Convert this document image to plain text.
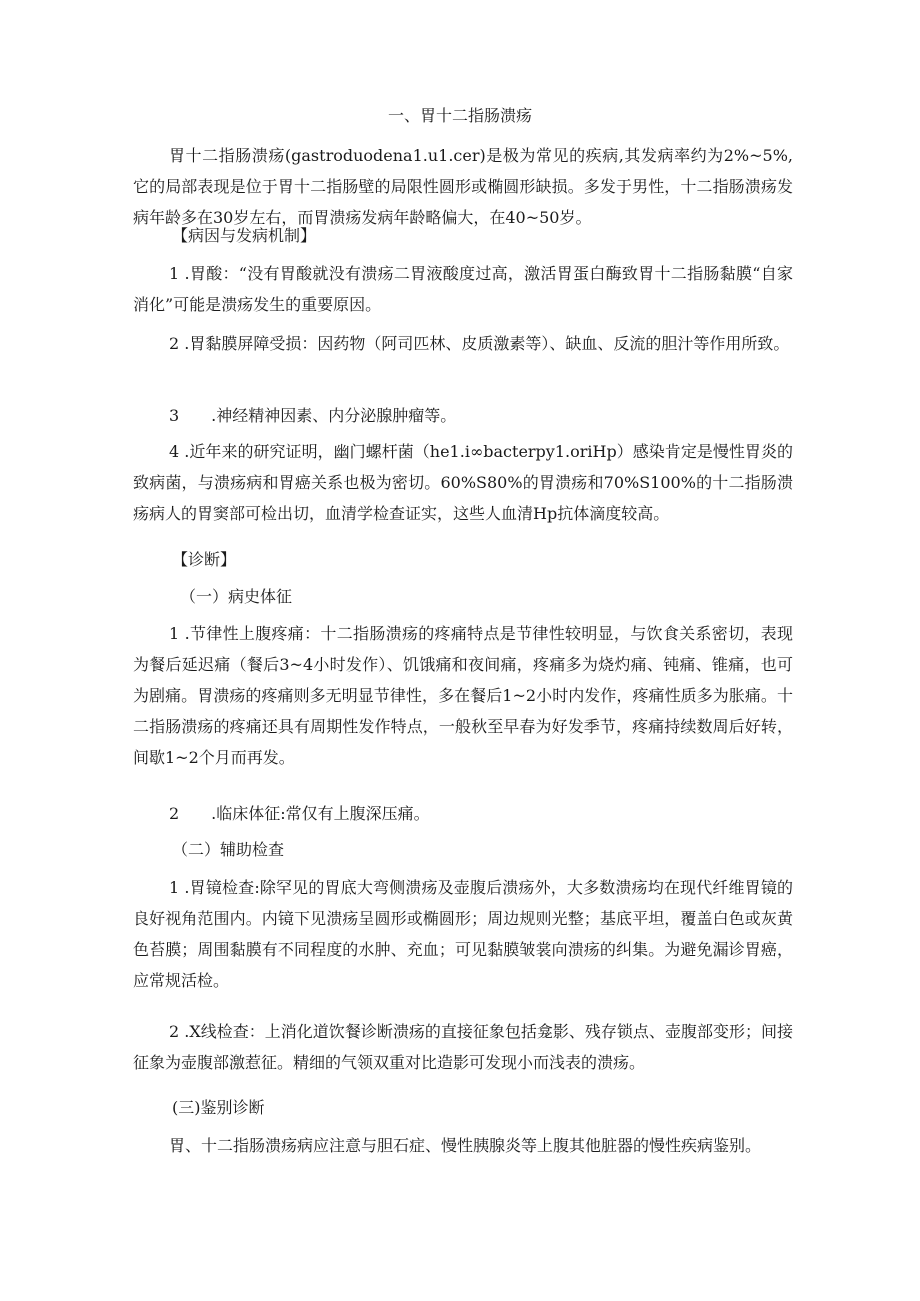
一、胃十二指肠溃疡

胃十二指肠溃疡(gastroduodena1.u1.cer)是极为常见的疾病,其发病率约为2%~5%,它的局部表现是位于胃十二指肠壁的局限性圆形或椭圆形缺损。多发于男性，十二指肠溃疡发病年龄多在30岁左右，而胃溃疡发病年龄略偏大，在40~50岁。

【病因与发病机制】

1 .胃酸：“没有胃酸就没有溃疡二胃液酸度过高，激活胃蛋白酶致胃十二指肠黏膜“自家消化”可能是溃疡发生的重要原因。

2 .胃黏膜屏障受损：因药物（阿司匹林、皮质激素等）、缺血、反流的胆汁等作用所致。

3　　.神经精神因素、内分泌腺肿瘤等。

4 .近年来的研究证明，幽门螺杆菌（he1.i∞bacterpy1.oriHp）感染肯定是慢性胃炎的致病菌，与溃疡病和胃癌关系也极为密切。60%S80%的胃溃疡和70%S100%的十二指肠溃疡病人的胃窦部可检出切，血清学检查证实，这些人血清Hp抗体滴度较高。

【诊断】
（一）病史体征

1 .节律性上腹疼痛：十二指肠溃疡的疼痛特点是节律性较明显，与饮食关系密切，表现为餐后延迟痛（餐后3~4小时发作）、饥饿痛和夜间痛，疼痛多为烧灼痛、钝痛、锥痛，也可为剧痛。胃溃疡的疼痛则多无明显节律性，多在餐后1~2小时内发作，疼痛性质多为胀痛。十二指肠溃疡的疼痛还具有周期性发作特点，一般秋至早春为好发季节，疼痛持续数周后好转，间歇1~2个月而再发。

2　　.临床体征:常仅有上腹深压痛。

（二）辅助检查

1 .胃镜检查:除罕见的胃底大弯侧溃疡及壶腹后溃疡外，大多数溃疡均在现代纤维胃镜的良好视角范围内。内镜下见溃疡呈圆形或椭圆形；周边规则光整；基底平坦，覆盖白色或灰黄色苔膜；周围黏膜有不同程度的水肿、充血；可见黏膜皱裳向溃疡的纠集。为避免漏诊胃癌，应常规活检。

2 .X线检查：上消化道饮餐诊断溃疡的直接征象包括龛影、残存锁点、壶腹部变形；间接征象为壶腹部激惹征。精细的气领双重对比造影可发现小而浅表的溃疡。

(三)鉴别诊断

胃、十二指肠溃疡病应注意与胆石症、慢性胰腺炎等上腹其他脏器的慢性疾病鉴别。
